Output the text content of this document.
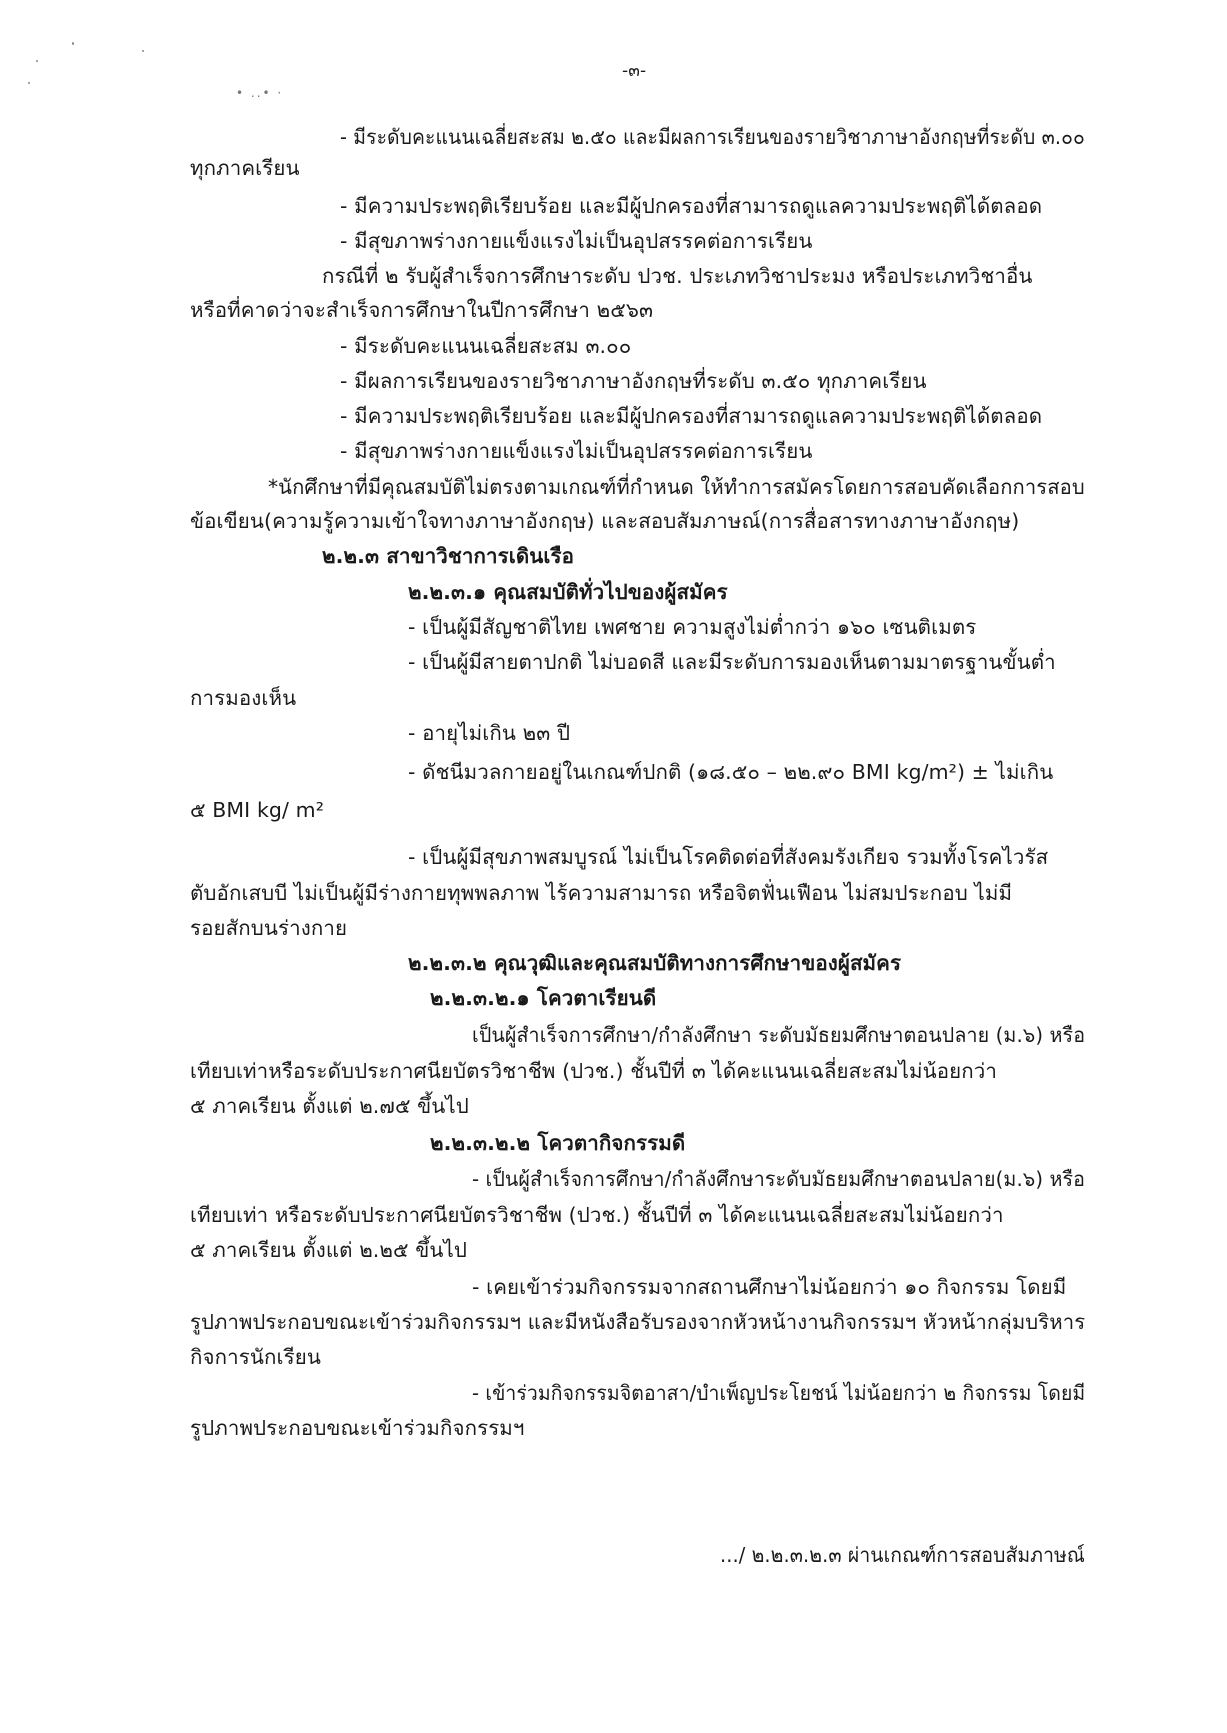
• ..• ·
-๓-
- มีระดับคะแนนเฉลี่ยสะสม ๒.๕๐ และมีผลการเรียนของรายวิชาภาษาอังกฤษที่ระดับ ๓.๐๐
ทุกภาคเรียน
- มีความประพฤติเรียบร้อย และมีผู้ปกครองที่สามารถดูแลความประพฤติได้ตลอด
- มีสุขภาพร่างกายแข็งแรงไม่เป็นอุปสรรคต่อการเรียน
กรณีที่ ๒ รับผู้สำเร็จการศึกษาระดับ ปวช. ประเภทวิชาประมง หรือประเภทวิชาอื่น
หรือที่คาดว่าจะสำเร็จการศึกษาในปีการศึกษา ๒๕๖๓
- มีระดับคะแนนเฉลี่ยสะสม ๓.๐๐
- มีผลการเรียนของรายวิชาภาษาอังกฤษที่ระดับ ๓.๕๐ ทุกภาคเรียน
- มีความประพฤติเรียบร้อย และมีผู้ปกครองที่สามารถดูแลความประพฤติได้ตลอด
- มีสุขภาพร่างกายแข็งแรงไม่เป็นอุปสรรคต่อการเรียน
*นักศึกษาที่มีคุณสมบัติไม่ตรงตามเกณฑ์ที่กำหนด ให้ทำการสมัครโดยการสอบคัดเลือกการสอบ
ข้อเขียน(ความรู้ความเข้าใจทางภาษาอังกฤษ) และสอบสัมภาษณ์(การสื่อสารทางภาษาอังกฤษ)
๒.๒.๓ สาขาวิชาการเดินเรือ
๒.๒.๓.๑ คุณสมบัติทั่วไปของผู้สมัคร
- เป็นผู้มีสัญชาติไทย เพศชาย ความสูงไม่ต่ำกว่า ๑๖๐ เซนติเมตร
- เป็นผู้มีสายตาปกติ ไม่บอดสี และมีระดับการมองเห็นตามมาตรฐานขั้นต่ำ
การมองเห็น
- อายุไม่เกิน ๒๓ ปี
- ดัชนีมวลกายอยู่ในเกณฑ์ปกติ (๑๘.๕๐ – ๒๒.๙๐ BMI kg/m²) ± ไม่เกิน
๕ BMI kg/ m²
- เป็นผู้มีสุขภาพสมบูรณ์ ไม่เป็นโรคติดต่อที่สังคมรังเกียจ รวมทั้งโรคไวรัส
ตับอักเสบบี ไม่เป็นผู้มีร่างกายทุพพลภาพ ไร้ความสามารถ หรือจิตฟั่นเฟือน ไม่สมประกอบ ไม่มี
รอยสักบนร่างกาย
๒.๒.๓.๒ คุณวุฒิและคุณสมบัติทางการศึกษาของผู้สมัคร
๒.๒.๓.๒.๑ โควตาเรียนดี
เป็นผู้สำเร็จการศึกษา/กำลังศึกษา ระดับมัธยมศึกษาตอนปลาย (ม.๖) หรือ
เทียบเท่าหรือระดับประกาศนียบัตรวิชาชีพ (ปวช.) ชั้นปีที่ ๓ ได้คะแนนเฉลี่ยสะสมไม่น้อยกว่า
๕ ภาคเรียน ตั้งแต่ ๒.๗๕ ขึ้นไป
๒.๒.๓.๒.๒ โควตากิจกรรมดี
- เป็นผู้สำเร็จการศึกษา/กำลังศึกษาระดับมัธยมศึกษาตอนปลาย(ม.๖) หรือ
เทียบเท่า หรือระดับประกาศนียบัตรวิชาชีพ (ปวช.) ชั้นปีที่ ๓ ได้คะแนนเฉลี่ยสะสมไม่น้อยกว่า
๕ ภาคเรียน ตั้งแต่ ๒.๒๕ ขึ้นไป
- เคยเข้าร่วมกิจกรรมจากสถานศึกษาไม่น้อยกว่า ๑๐ กิจกรรม โดยมี
รูปภาพประกอบขณะเข้าร่วมกิจกรรมฯ และมีหนังสือรับรองจากหัวหน้างานกิจกรรมฯ หัวหน้ากลุ่มบริหาร
กิจการนักเรียน
- เข้าร่วมกิจกรรมจิตอาสา/บำเพ็ญประโยชน์ ไม่น้อยกว่า ๒ กิจกรรม โดยมี
รูปภาพประกอบขณะเข้าร่วมกิจกรรมฯ
.../ ๒.๒.๓.๒.๓ ผ่านเกณฑ์การสอบสัมภาษณ์
